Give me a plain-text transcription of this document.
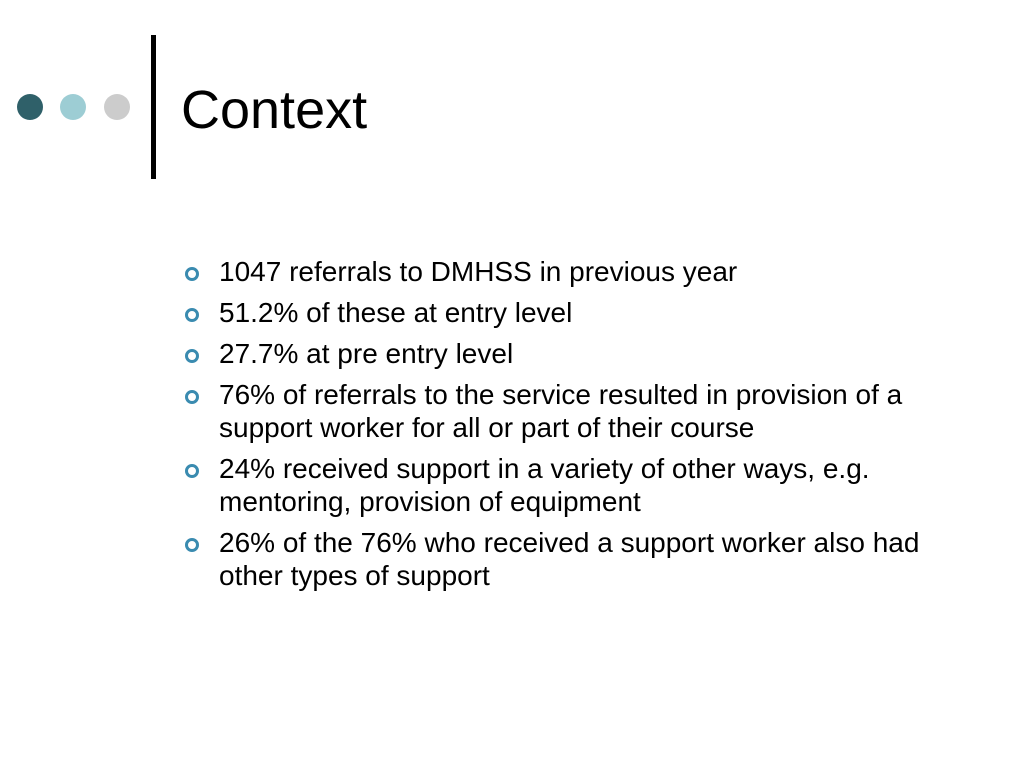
Context
1047 referrals to DMHSS in previous year
51.2% of these at entry level
27.7% at pre entry level
76% of referrals to the service resulted in provision of a support worker for all or part of their course
24% received support in a variety of other ways, e.g. mentoring, provision of equipment
26% of the 76% who received a support worker also had other types of support
